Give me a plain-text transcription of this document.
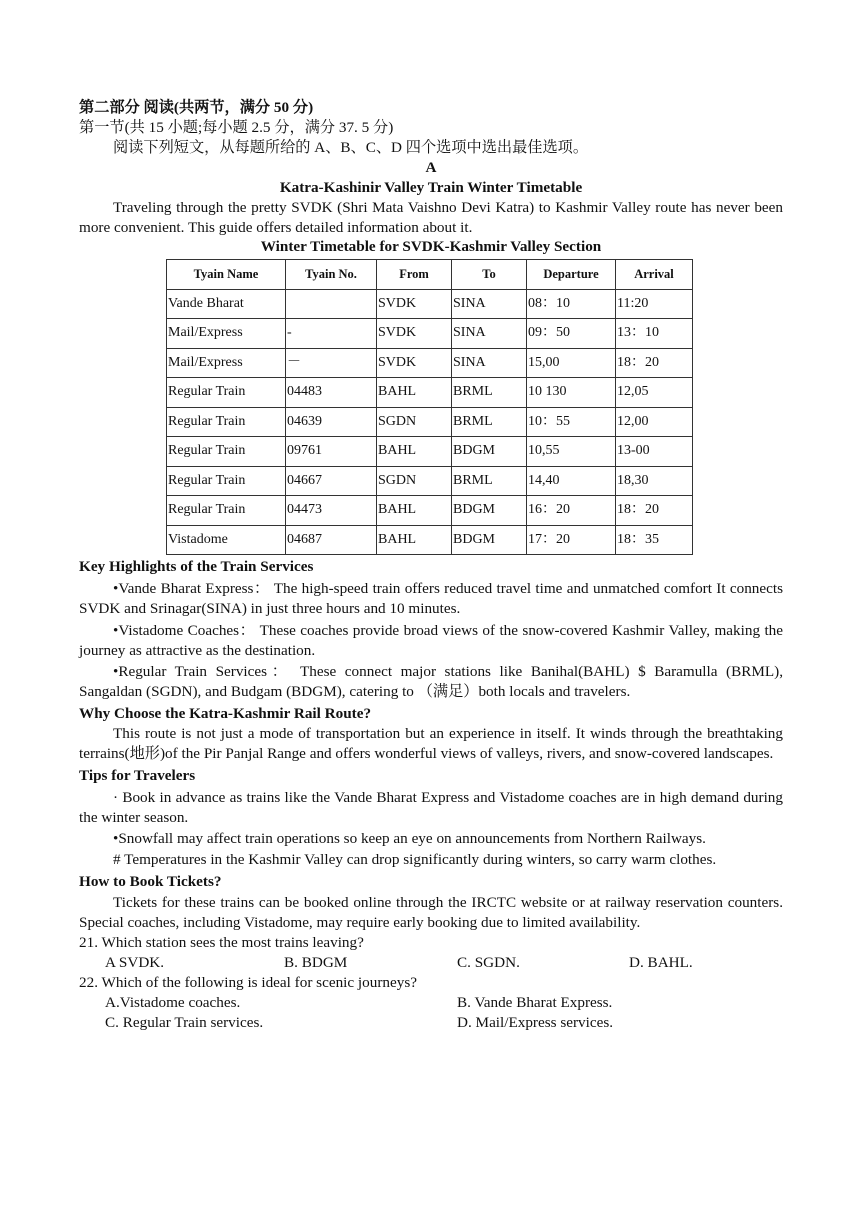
第二部分 阅读(共两节，满分 50 分)
第一节(共 15 小题;每小题 2.5 分，满分 37. 5 分)
阅读下列短文，从每题所给的 A、B、C、D 四个选项中选出最佳选项。
A
Katra-Kashinir Valley Train Winter Timetable

Traveling through the pretty SVDK (Shri Mata Vaishno Devi Katra) to Kashmir Valley route has never been more convenient. This guide offers detailed information about it.

Winter Timetable for SVDK-Kashmir Valley Section
Tyain Name	Tyain No.	From	To	Departure	Arrival
Vande Bharat		SVDK	SINA	08：10	11:20
Mail/Express	-	SVDK	SINA	09：50	13：10
Mail/Express	－	SVDK	SINA	15,00	18：20
Regular Train	04483	BAHL	BRML	10 130	12,05
Regular Train	04639	SGDN	BRML	10：55	12,00
Regular Train	09761	BAHL	BDGM	10,55	13-00
Regular Train	04667	SGDN	BRML	14,40	18,30
Regular Train	04473	BAHL	BDGM	16：20	18：20
Vistadome	04687	BAHL	BDGM	17：20	18：35
Key Highlights of the Train Services

•Vande Bharat Express： The high-speed train offers reduced travel time and unmatched comfort It connects SVDK and Srinagar(SINA) in just three hours and 10 minutes.

•Vistadome Coaches： These coaches provide broad views of the snow-covered Kashmir Valley, making the journey as attractive as the destination.

•Regular Train Services： These connect major stations like Banihal(BAHL) $ Baramulla (BRML), Sangaldan (SGDN), and Budgam (BDGM), catering to （满足）both locals and travelers.

Why Choose the Katra-Kashmir Rail Route?

This route is not just a mode of transportation but an experience in itself. It winds through the breathtaking terrains(地形)of the Pir Panjal Range and offers wonderful views of valleys, rivers, and snow-covered landscapes.

Tips for Travelers

· Book in advance as trains like the Vande Bharat Express and Vistadome coaches are in high demand during the winter season.

•Snowfall may affect train operations so keep an eye on announcements from Northern Railways.

# Temperatures in the Kashmir Valley can drop significantly during winters, so carry warm clothes.

How to Book Tickets?

Tickets for these trains can be booked online through the IRCTC website or at railway reservation counters. Special coaches, including Vistadome, may require early booking due to limited availability.

21. Which station sees the most trains leaving?
A SVDK.	B. BDGM	C. SGDN.	D. BAHL.
22. Which of the following is ideal for scenic journeys?
A.Vistadome coaches.	B. Vande Bharat Express.
C. Regular Train services.	D. Mail/Express services.
